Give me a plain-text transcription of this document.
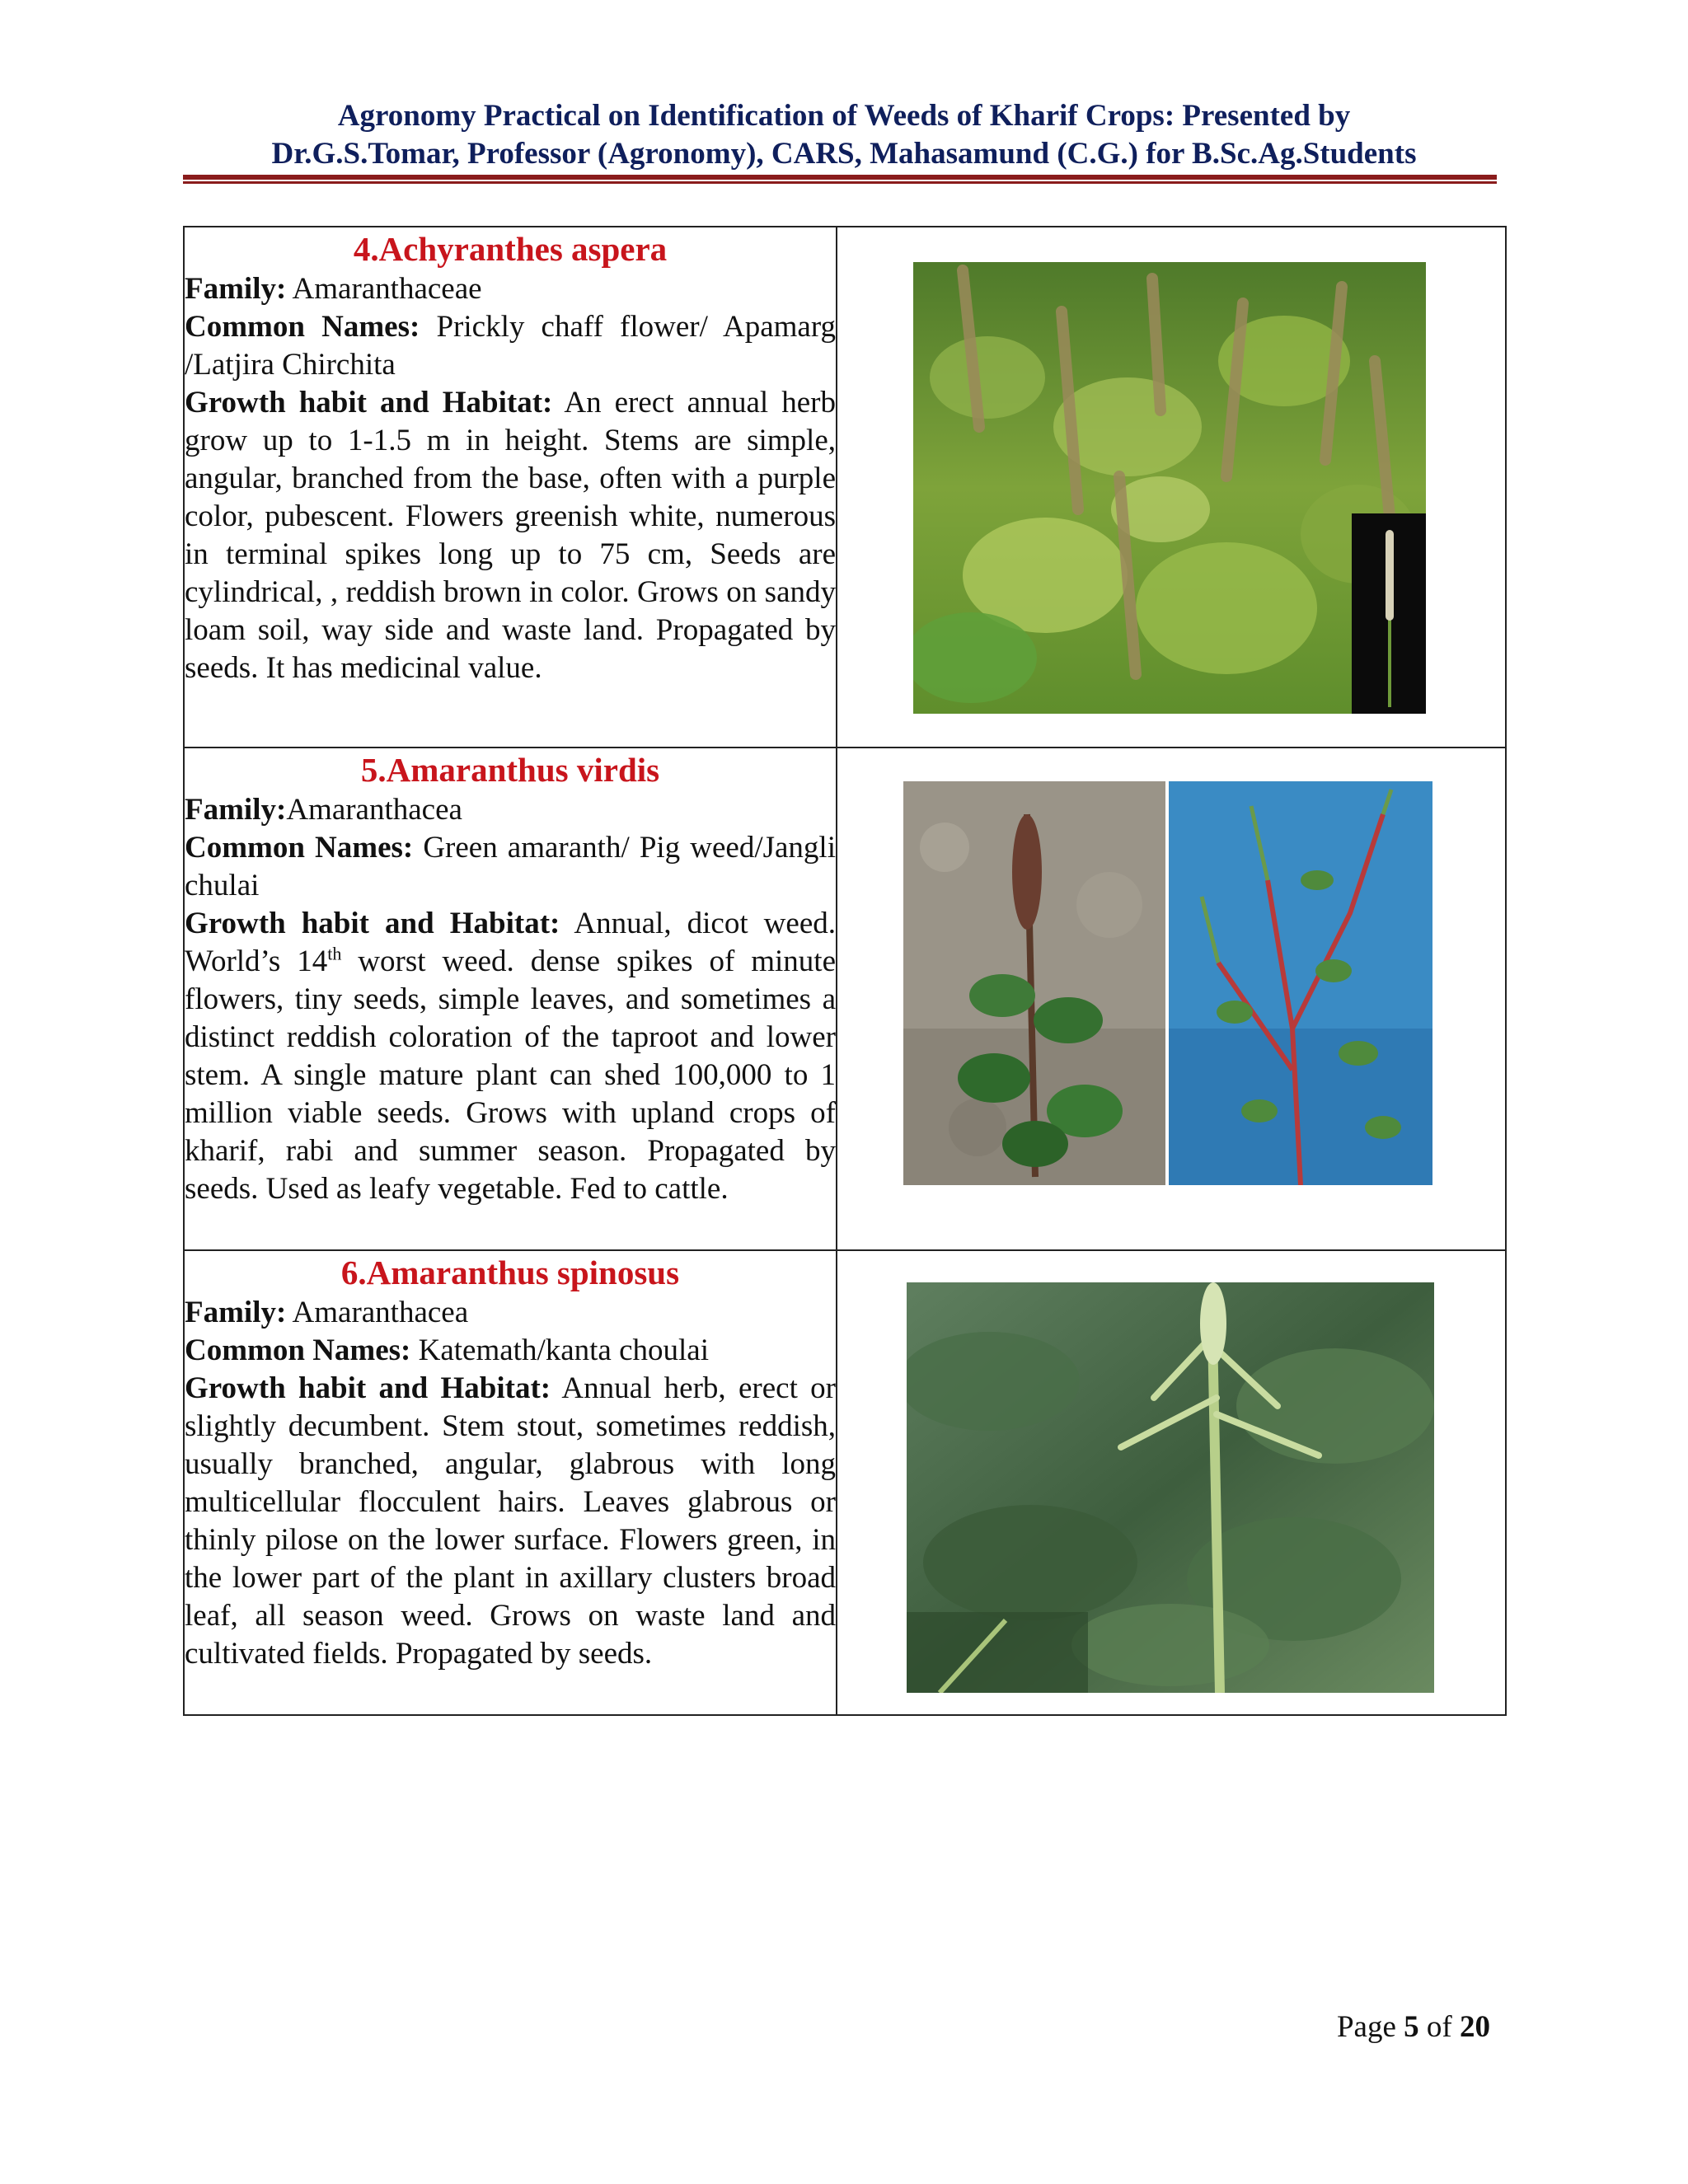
Agronomy Practical on Identification of Weeds of Kharif Crops: Presented by
Dr.G.S.Tomar, Professor (Agronomy), CARS, Mahasamund (C.G.) for B.Sc.Ag.Students
4.Achyranthes aspera

Family: Amaranthaceae

Common Names: Prickly chaff flower/ Apamarg /Latjira Chirchita

Growth habit and Habitat: An erect annual herb grow up to 1-1.5 m in height. Stems are simple, angular, branched from the base, often with a purple color, pubescent. Flowers greenish white, numerous in terminal spikes long up to 75 cm, Seeds are cylindrical, , reddish brown in color. Grows on sandy loam soil, way side and waste land. Propagated by seeds. It has medicinal value.

5.Amaranthus virdis

Family:Amaranthacea

Common Names: Green amaranth/ Pig weed/Jangli chulai

Growth habit and Habitat: Annual, dicot weed. World’s 14th worst weed. dense spikes of minute flowers, tiny seeds, simple leaves, and sometimes a distinct reddish coloration of the taproot and lower stem. A single mature plant can shed 100,000 to 1 million viable seeds. Grows with upland crops of kharif, rabi and summer season. Propagated by seeds. Used as leafy vegetable. Fed to cattle.

6.Amaranthus spinosus

Family: Amaranthacea

Common Names: Katemath/kanta choulai

Growth habit and Habitat: Annual herb, erect or slightly decumbent. Stem stout, sometimes reddish, usually branched, angular, glabrous with long multicellular flocculent hairs. Leaves glabrous or thinly pilose on the lower surface. Flowers green, in the lower part of the plant in axillary clusters broad leaf, all season weed. Grows on waste land and cultivated fields. Propagated by seeds.

Page 5 of 20
